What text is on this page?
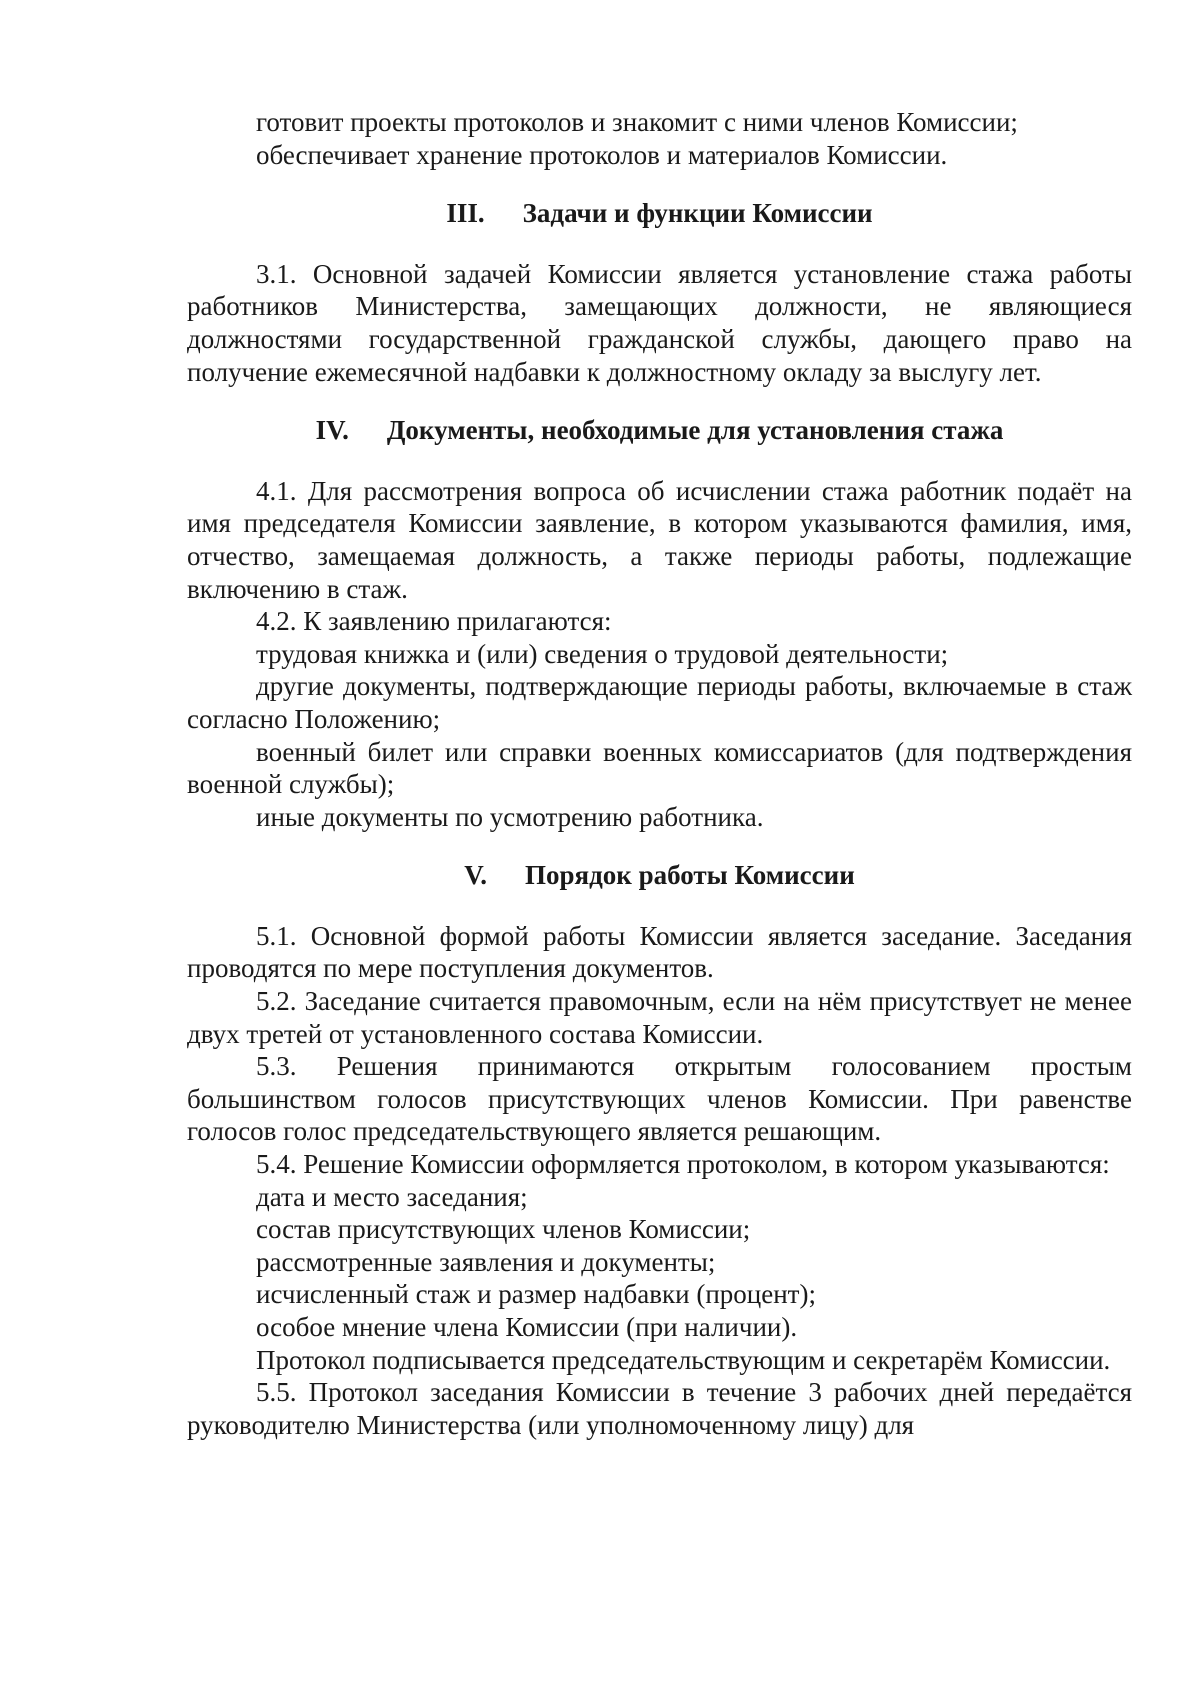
готовит проекты протоколов и знакомит с ними членов Комиссии;

обеспечивает хранение протоколов и материалов Комиссии.

III. Задачи и функции Комиссии

3.1. Основной задачей Комиссии является установление стажа работы работников Министерства, замещающих должности, не являющиеся должностями государственной гражданской службы, дающего право на получение ежемесячной надбавки к должностному окладу за выслугу лет.

IV. Документы, необходимые для установления стажа

4.1. Для рассмотрения вопроса об исчислении стажа работник подаёт на имя председателя Комиссии заявление, в котором указываются фамилия, имя, отчество, замещаемая должность, а также периоды работы, подлежащие включению в стаж.

4.2. К заявлению прилагаются:

трудовая книжка и (или) сведения о трудовой деятельности;

другие документы, подтверждающие периоды работы, включаемые в стаж согласно Положению;

военный билет или справки военных комиссариатов (для подтверждения военной службы);

иные документы по усмотрению работника.

V. Порядок работы Комиссии

5.1. Основной формой работы Комиссии является заседание. Заседания проводятся по мере поступления документов.

5.2. Заседание считается правомочным, если на нём присутствует не менее двух третей от установленного состава Комиссии.

5.3. Решения принимаются открытым голосованием простым большинством голосов присутствующих членов Комиссии. При равенстве голосов голос председательствующего является решающим.

5.4. Решение Комиссии оформляется протоколом, в котором указываются:

дата и место заседания;

состав присутствующих членов Комиссии;

рассмотренные заявления и документы;

исчисленный стаж и размер надбавки (процент);

особое мнение члена Комиссии (при наличии).

Протокол подписывается председательствующим и секретарём Комиссии.

5.5. Протокол заседания Комиссии в течение 3 рабочих дней передаётся руководителю Министерства (или уполномоченному лицу) для
